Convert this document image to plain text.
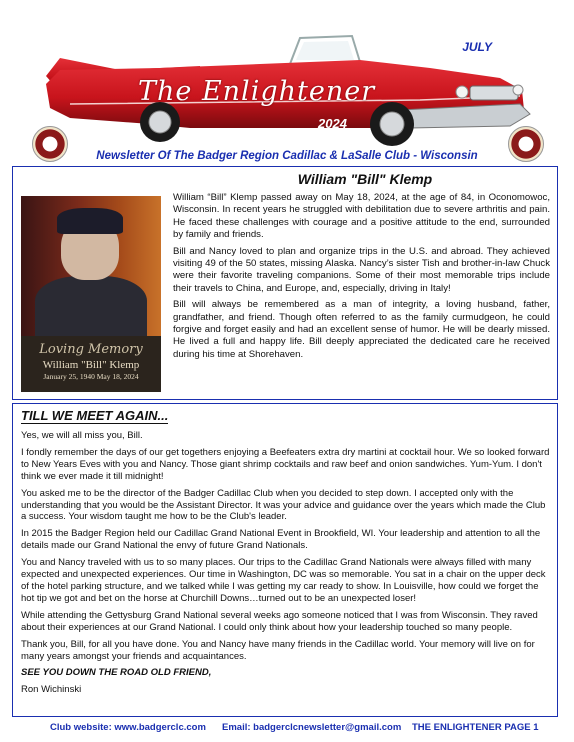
JULY
The Enlightener
2024
Newsletter Of The Badger Region Cadillac & LaSalle Club - Wisconsin
William "Bill" Klemp
Loving Memory
William "Bill" Klemp
January 25, 1940 May 18, 2024

William “Bill” Klemp passed away on May 18, 2024, at the age of 84, in Oconomowoc, Wisconsin. In recent years he struggled with debilitation due to severe arthritis and pain. He faced these challenges with courage and a positive attitude to the end, surrounded by family and friends.

Bill and Nancy loved to plan and organize trips in the U.S. and abroad. They achieved visiting 49 of the 50 states, missing Alaska. Nancy’s sister Tish and brother-in-law Chuck were their favorite traveling companions. Some of their most memorable trips include their travels to China, and Europe, and, especially, driving in Italy!

Bill will always be remembered as a man of integrity, a loving husband, father, grandfather, and friend. Though often referred to as the family curmudgeon, he could forgive and forget easily and had an excellent sense of humor. He will be dearly missed. He lived a full and happy life. Bill deeply appreciated the dedicated care he received during his time at Shorehaven.

TILL WE MEET AGAIN...

Yes, we will all miss you, Bill.

I fondly remember the days of our get togethers enjoying a Beefeaters extra dry martini at cocktail hour. We so looked forward to New Years Eves with you and Nancy. Those giant shrimp cocktails and raw beef and onion sandwiches. Yum-Yum. I don't think we ever made it till midnight!

You asked me to be the director of the Badger Cadillac Club when you decided to step down. I accepted only with the understanding that you would be the Assistant Director. It was your advice and guidance over the years which made the Club a success. Your wisdom taught me how to be the Club's leader.

In 2015 the Badger Region held our Cadillac Grand National Event in Brookfield, WI. Your leadership and attention to all the details made our Grand National the envy of future Grand Nationals.

You and Nancy traveled with us to so many places. Our trips to the Cadillac Grand Nationals were always filled with many expected and unexpected experiences. Our time in Washington, DC was so memorable. You sat in a chair on the upper deck of the hotel parking structure, and we talked while I was getting my car ready to show. In Louisville, how could we forget the hot tip we got and bet on the horse at Churchill Downs…turned out to be an unexpected loser!

While attending the Gettysburg Grand National several weeks ago someone noticed that I was from Wisconsin. They raved about their experiences at our Grand National. I could only think about how your leadership touched so many people.

Thank you, Bill, for all you have done. You and Nancy have many friends in the Cadillac world. Your memory will live on for many years amongst your friends and acquaintances.

SEE YOU DOWN THE ROAD OLD FRIEND,

Ron Wichinski

Club website: www.badgerclc.com Email: badgerclcnewsletter@gmail.com THE ENLIGHTENER PAGE 1
